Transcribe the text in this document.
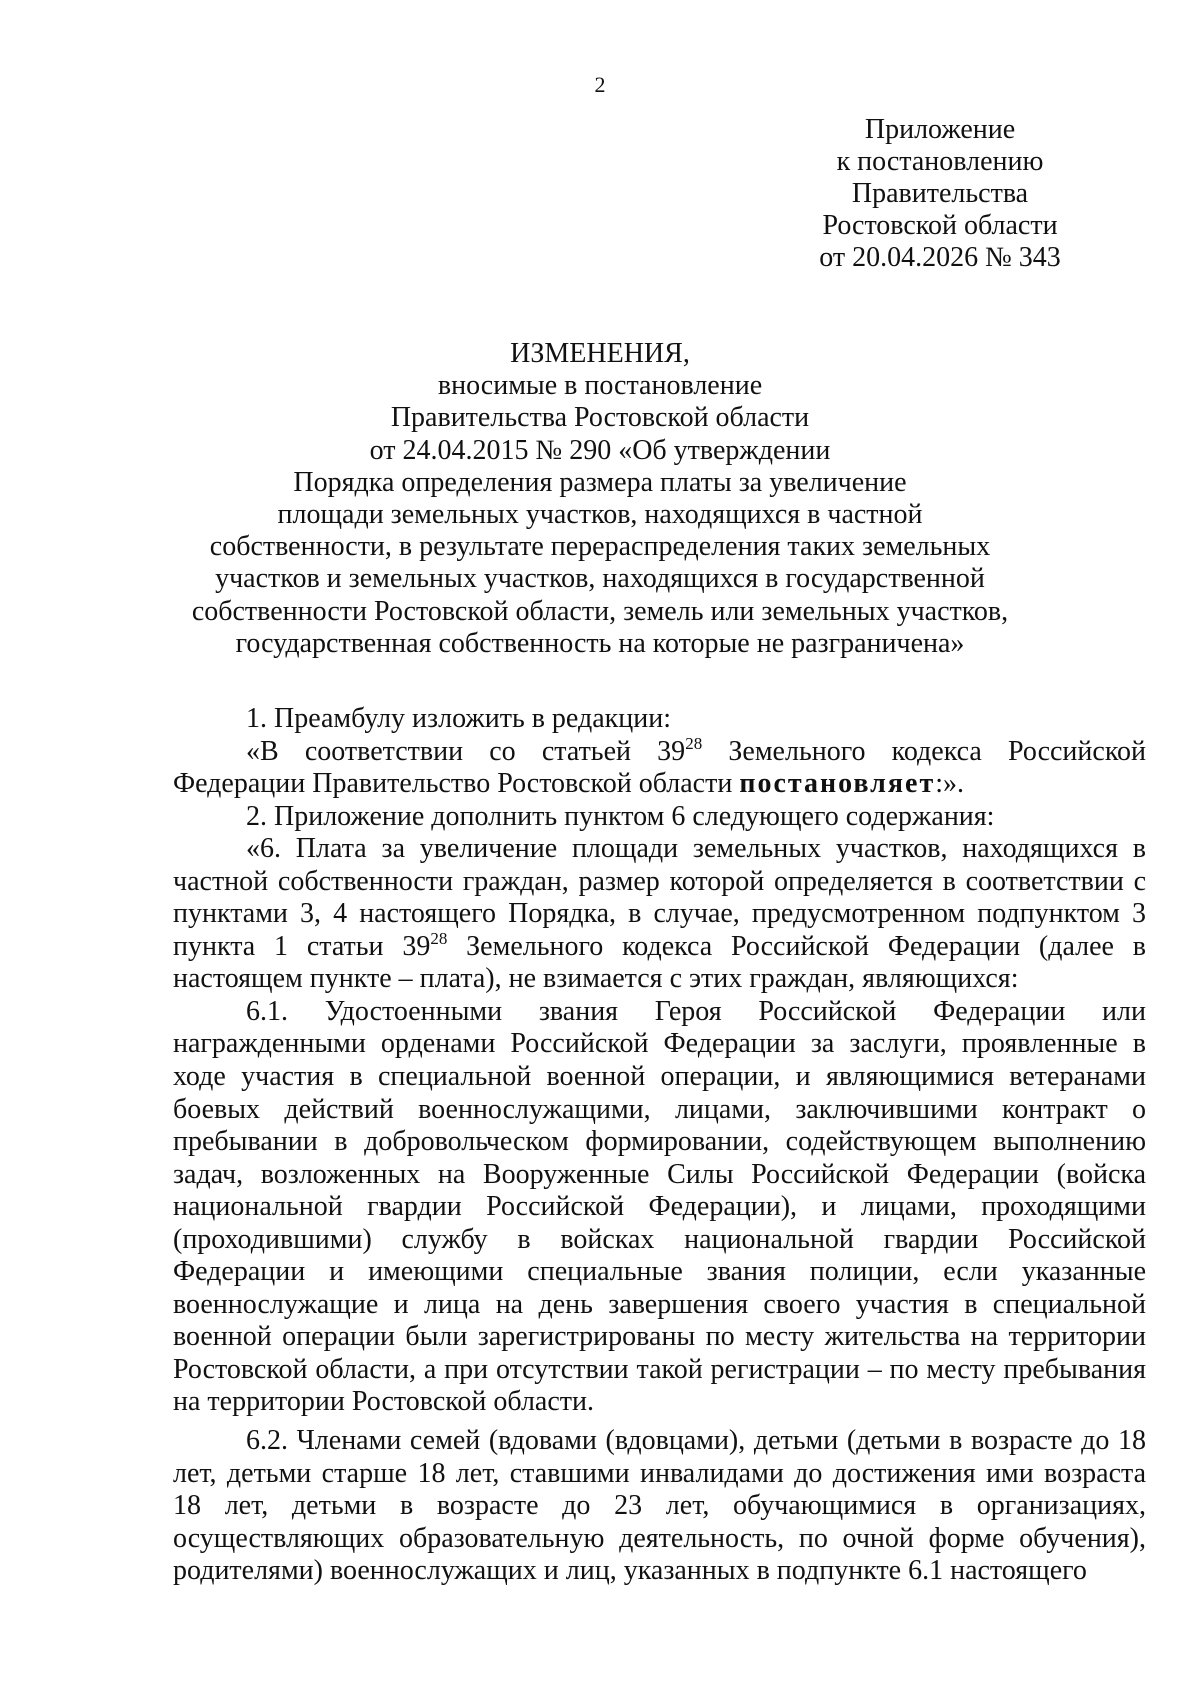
2
Приложение
к постановлению
Правительства
Ростовской области
от 20.04.2026 № 343
ИЗМЕНЕНИЯ,
вносимые в постановление
Правительства Ростовской области
от 24.04.2015 № 290 «Об утверждении
Порядка определения размера платы за увеличение
площади земельных участков, находящихся в частной
собственности, в результате перераспределения таких земельных
участков и земельных участков, находящихся в государственной
собственности Ростовской области, земель или земельных участков,
государственная собственность на которые не разграничена»

1. Преамбулу изложить в редакции:

«В соответствии со статьей $39^{28}$ Земельного кодекса Российской Федерации Правительство Ростовской области постановляет:».

2. Приложение дополнить пунктом 6 следующего содержания:

«6. Плата за увеличение площади земельных участков, находящихся в частной собственности граждан, размер которой определяется в соответствии с пунктами 3, 4 настоящего Порядка, в случае, предусмотренном подпунктом 3 пункта 1 статьи $39^{28}$ Земельного кодекса Российской Федерации (далее в настоящем пункте – плата), не взимается с этих граждан, являющихся:

6.1. Удостоенными звания Героя Российской Федерации или награжденными орденами Российской Федерации за заслуги, проявленные в ходе участия в специальной военной операции, и являющимися ветеранами боевых действий военнослужащими, лицами, заключившими контракт о пребывании в добровольческом формировании, содействующем выполнению задач, возложенных на Вооруженные Силы Российской Федерации (войска национальной гвардии Российской Федерации), и лицами, проходящими (проходившими) службу в войсках национальной гвардии Российской Федерации и имеющими специальные звания полиции, если указанные военнослужащие и лица на день завершения своего участия в специальной военной операции были зарегистрированы по месту жительства на территории Ростовской области, а при отсутствии такой регистрации – по месту пребывания на территории Ростовской области.

6.2. Членами семей (вдовами (вдовцами), детьми (детьми в возрасте до 18 лет, детьми старше 18 лет, ставшими инвалидами до достижения ими возраста 18 лет, детьми в возрасте до 23 лет, обучающимися в организациях, осуществляющих образовательную деятельность, по очной форме обучения), родителями) военнослужащих и лиц, указанных в подпункте 6.1 настоящего
